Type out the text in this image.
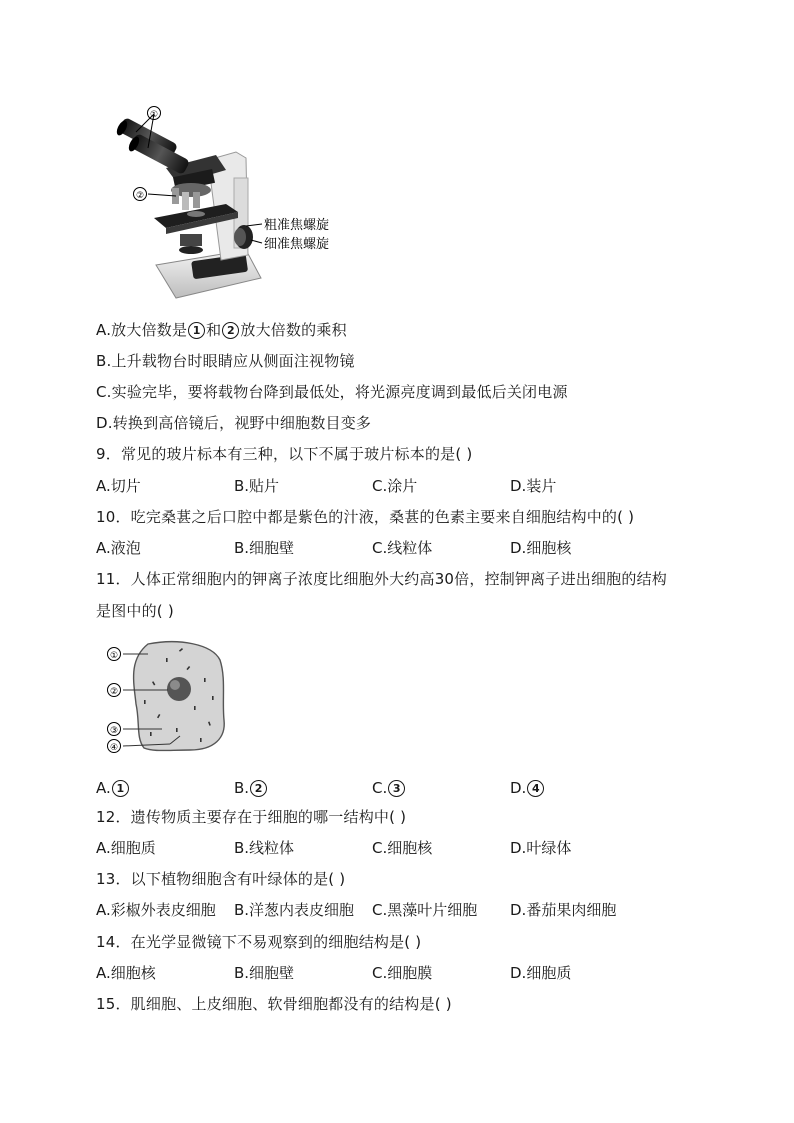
①
②
粗准焦螺旋
细准焦螺旋
A.放大倍数是 1 和 2 放大倍数的乘积
B.上升载物台时眼睛应从侧面注视物镜
C.实验完毕，要将载物台降到最低处，将光源亮度调到最低后关闭电源
D.转换到高倍镜后，视野中细胞数目变多
9．常见的玻片标本有三种，以下不属于玻片标本的是( )
A.切片	B.贴片	C.涂片	D.装片
10．吃完桑葚之后口腔中都是紫色的汁液，桑葚的色素主要来自细胞结构中的( )
A.液泡	B.细胞壁	C.线粒体	D.细胞核
11．人体正常细胞内的钾离子浓度比细胞外大约高30倍，控制钾离子进出细胞的结构
是图中的( )
①
②
③
④
A. 1	B. 2	C. 3	D. 4
12．遗传物质主要存在于细胞的哪一结构中( )
A.细胞质	B.线粒体	C.细胞核	D.叶绿体
13．以下植物细胞含有叶绿体的是( )
A.彩椒外表皮细胞 B.洋葱内表皮细胞 C.黑藻叶片细胞 D.番茄果肉细胞
14．在光学显微镜下不易观察到的细胞结构是( )
A.细胞核	B.细胞壁	C.细胞膜	D.细胞质
15．肌细胞、上皮细胞、软骨细胞都没有的结构是( )
